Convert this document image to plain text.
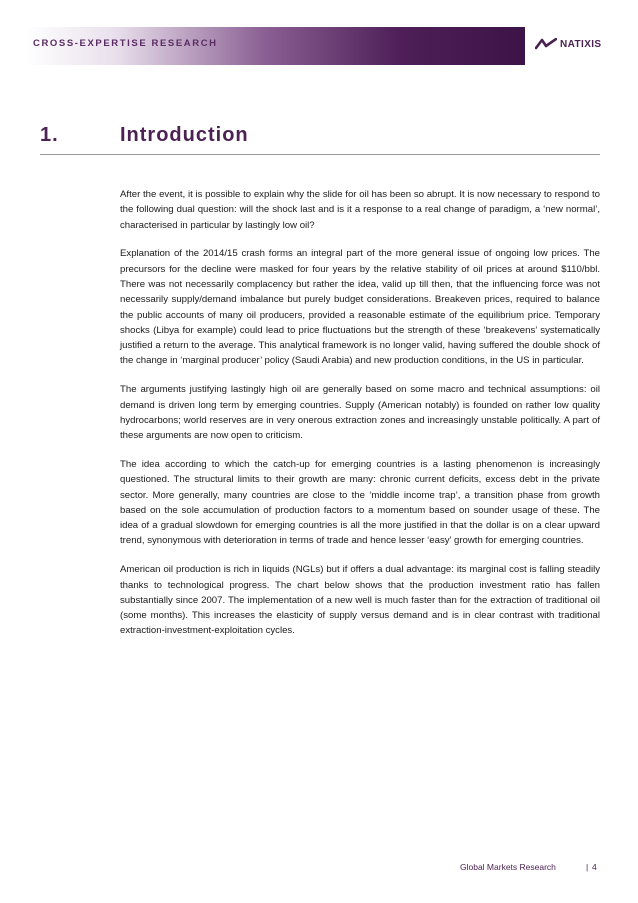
CROSS-EXPERTISE RESEARCH	NATIXIS
1.	Introduction

After the event, it is possible to explain why the slide for oil has been so abrupt. It is now necessary to respond to the following dual question: will the shock last and is it a response to a real change of paradigm, a ‘new normal’, characterised in particular by lastingly low oil?

Explanation of the 2014/15 crash forms an integral part of the more general issue of ongoing low prices. The precursors for the decline were masked for four years by the relative stability of oil prices at around $110/bbl. There was not necessarily complacency but rather the idea, valid up till then, that the influencing force was not necessarily supply/demand imbalance but purely budget considerations. Breakeven prices, required to balance the public accounts of many oil producers, provided a reasonable estimate of the equilibrium price. Temporary shocks (Libya for example) could lead to price fluctuations but the strength of these ‘breakevens’ systematically justified a return to the average. This analytical framework is no longer valid, having suffered the double shock of the change in ‘marginal producer’ policy (Saudi Arabia) and new production conditions, in the US in particular.

The arguments justifying lastingly high oil are generally based on some macro and technical assumptions: oil demand is driven long term by emerging countries. Supply (American notably) is founded on rather low quality hydrocarbons; world reserves are in very onerous extraction zones and increasingly unstable politically. A part of these arguments are now open to criticism.

The idea according to which the catch-up for emerging countries is a lasting phenomenon is increasingly questioned. The structural limits to their growth are many: chronic current deficits, excess debt in the private sector. More generally, many countries are close to the ‘middle income trap’, a transition phase from growth based on the sole accumulation of production factors to a momentum based on sounder usage of these. The idea of a gradual slowdown for emerging countries is all the more justified in that the dollar is on a clear upward trend, synonymous with deterioration in terms of trade and hence lesser ‘easy’ growth for emerging countries.

American oil production is rich in liquids (NGLs) but if offers a dual advantage: its marginal cost is falling steadily thanks to technological progress. The chart below shows that the production investment ratio has fallen substantially since 2007. The implementation of a new well is much faster than for the extraction of traditional oil (some months). This increases the elasticity of supply versus demand and is in clear contrast with traditional extraction-investment-exploitation cycles.

Global Markets Research	| 4
